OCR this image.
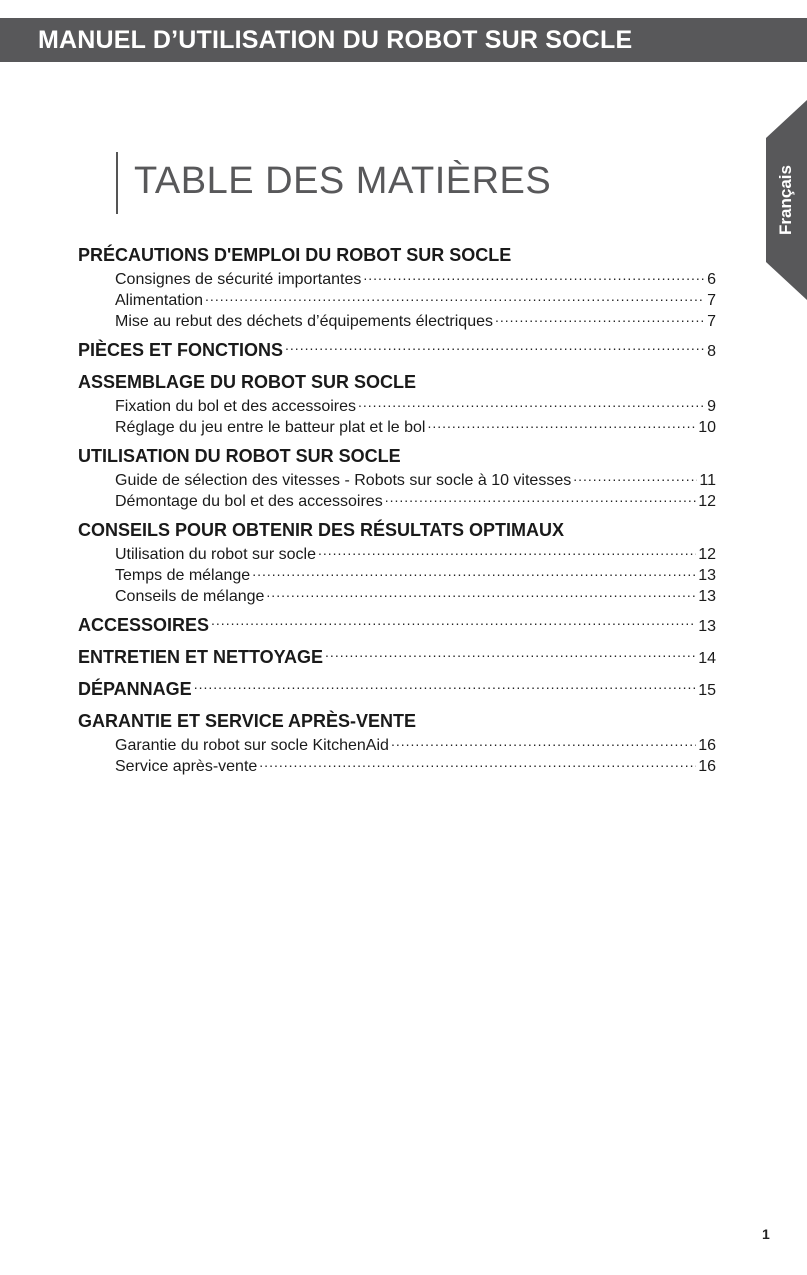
MANUEL D’UTILISATION DU ROBOT SUR SOCLE
Français
TABLE DES MATIÈRES
PRÉCAUTIONS D'EMPLOI DU ROBOT SUR SOCLE
Consignes de sécurité importantes .....	6
Alimentation .....	7
Mise au rebut des déchets d’équipements électriques .....	7
PIÈCES ET FONCTIONS .....	8
ASSEMBLAGE DU ROBOT SUR SOCLE
Fixation du bol et des accessoires .....	9
Réglage du jeu entre le batteur plat et le bol .....	10
UTILISATION DU ROBOT SUR SOCLE
Guide de sélection des vitesses - Robots sur socle à 10 vitesses .....	11
Démontage du bol et des accessoires .....	12
CONSEILS POUR OBTENIR DES RÉSULTATS OPTIMAUX
Utilisation du robot sur socle .....	12
Temps de mélange .....	13
Conseils de mélange .....	13
ACCESSOIRES .....	13
ENTRETIEN ET NETTOYAGE .....	14
DÉPANNAGE .....	15
GARANTIE ET SERVICE APRÈS-VENTE
Garantie du robot sur socle KitchenAid .....	16
Service après-vente .....	16
1
